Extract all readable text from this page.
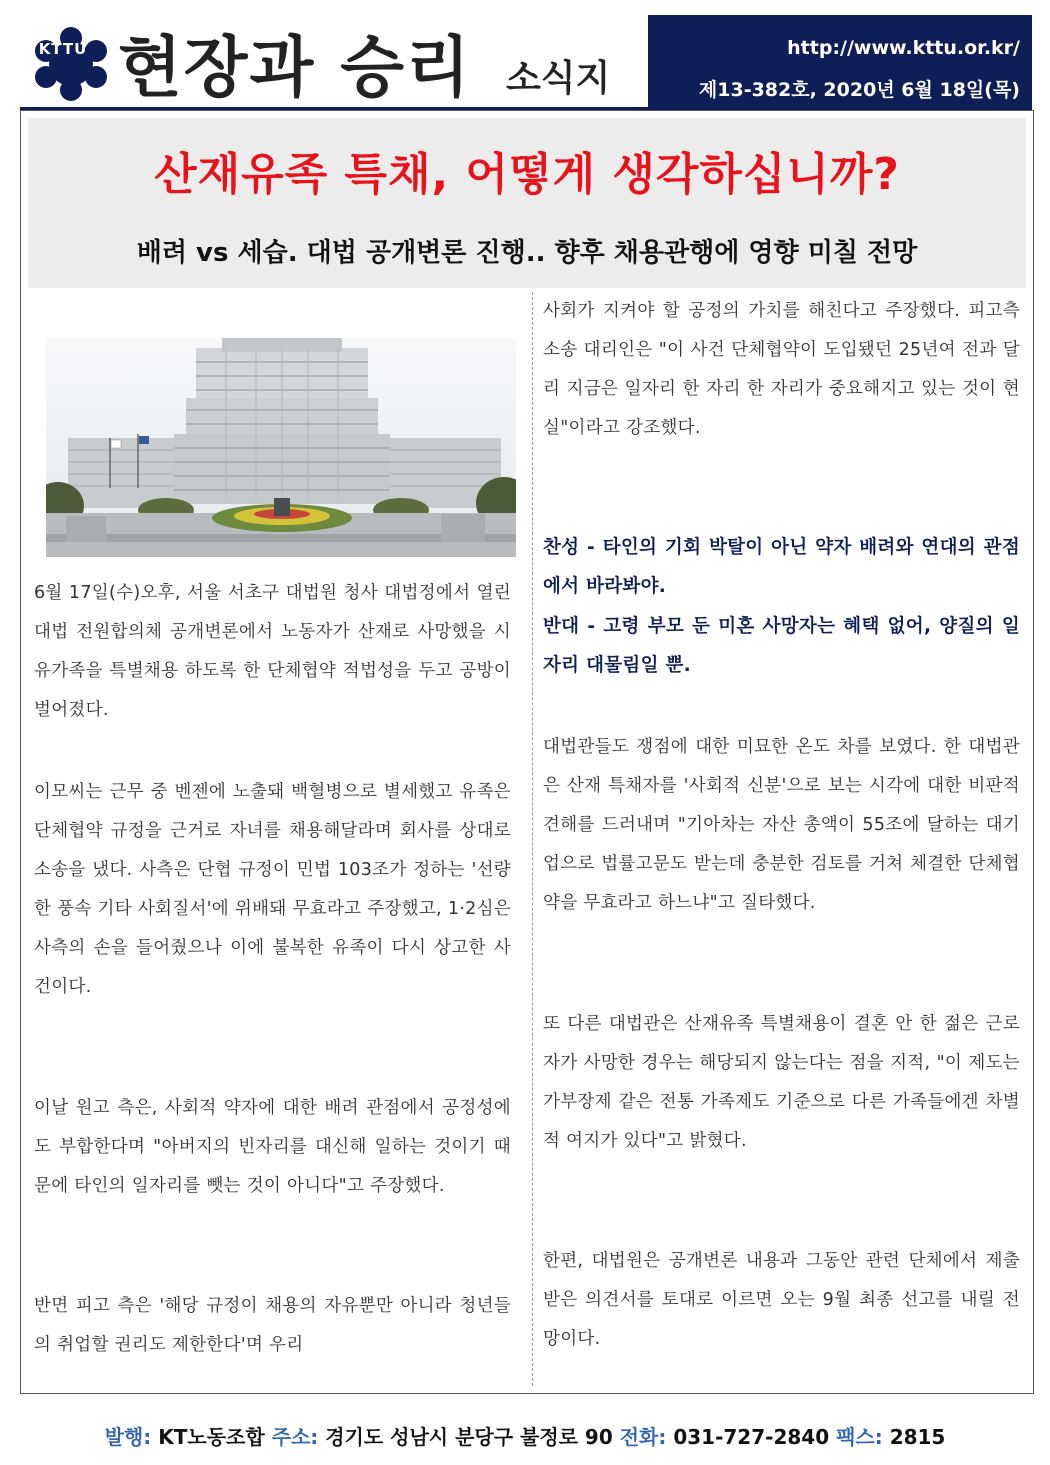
KTTU 현장과 승리 소식지
http://www.kttu.or.kr/
제13-382호, 2020년 6월 18일(목)
산재유족 특채, 어떻게 생각하십니까?
배려 vs 세습. 대법 공개변론 진행.. 향후 채용관행에 영향 미칠 전망
6월 17일(수)오후, 서울 서초구 대법원 청사 대법정에서 열린 대법 전원합의체 공개변론에서 노동자가 산재로 사망했을 시 유가족을 특별채용 하도록 한 단체협약 적법성을 두고 공방이 벌어졌다.
이모씨는 근무 중 벤젠에 노출돼 백혈병으로 별세했고 유족은 단체협약 규정을 근거로 자녀를 채용해달라며 회사를 상대로 소송을 냈다. 사측은 단협 규정이 민법 103조가 정하는 '선량한 풍속 기타 사회질서'에 위배돼 무효라고 주장했고, 1·2심은 사측의 손을 들어줬으나 이에 불복한 유족이 다시 상고한 사건이다.
이날 원고 측은, 사회적 약자에 대한 배려 관점에서 공정성에도 부합한다며 "아버지의 빈자리를 대신해 일하는 것이기 때문에 타인의 일자리를 뺏는 것이 아니다"고 주장했다.
반면 피고 측은 '해당 규정이 채용의 자유뿐만 아니라 청년들의 취업할 권리도 제한한다'며 우리
사회가 지켜야 할 공정의 가치를 해친다고 주장했다. 피고측 소송 대리인은 "이 사건 단체협약이 도입됐던 25년여 전과 달리 지금은 일자리 한 자리 한 자리가 중요해지고 있는 것이 현실"이라고 강조했다.
찬성 - 타인의 기회 박탈이 아닌 약자 배려와 연대의 관점에서 바라봐야.
반대 - 고령 부모 둔 미혼 사망자는 혜택 없어, 양질의 일자리 대물림일 뿐.
대법관들도 쟁점에 대한 미묘한 온도 차를 보였다. 한 대법관은 산재 특채자를 '사회적 신분'으로 보는 시각에 대한 비판적 견해를 드러내며 "기아차는 자산 총액이 55조에 달하는 대기업으로 법률고문도 받는데 충분한 검토를 거쳐 체결한 단체협약을 무효라고 하느냐"고 질타했다.
또 다른 대법관은 산재유족 특별채용이 결혼 안 한 젊은 근로자가 사망한 경우는 해당되지 않는다는 점을 지적, "이 제도는 가부장제 같은 전통 가족제도 기준으로 다른 가족들에겐 차별적 여지가 있다"고 밝혔다.
한편, 대법원은 공개변론 내용과 그동안 관련 단체에서 제출 받은 의견서를 토대로 이르면 오는 9월 최종 선고를 내릴 전망이다.
발행: KT노동조합 주소: 경기도 성남시 분당구 불정로 90 전화: 031-727-2840 팩스: 2815
